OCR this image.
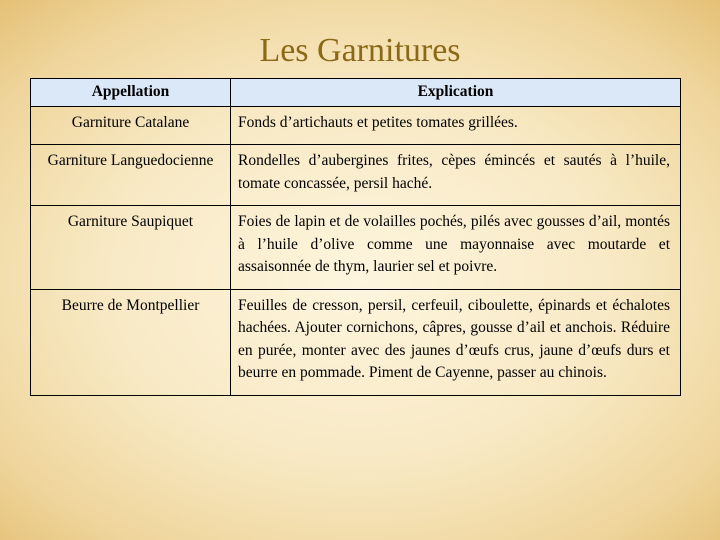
Les Garnitures
Appellation	Explication
Garniture Catalane	Fonds d’artichauts et petites tomates grillées.
Garniture Languedocienne	Rondelles d’aubergines frites, cèpes émincés et sautés à l’huile, tomate concassée, persil haché.
Garniture Saupiquet	Foies de lapin et de volailles pochés, pilés avec gousses d’ail, montés à l’huile d’olive comme une mayonnaise avec moutarde et assaisonnée de thym, laurier sel et poivre.
Beurre de Montpellier	Feuilles de cresson, persil, cerfeuil, ciboulette, épinards et échalotes hachées. Ajouter cornichons, câpres, gousse d’ail et anchois. Réduire en purée, monter avec des jaunes d’œufs crus, jaune d’œufs durs et beurre en pommade. Piment de Cayenne, passer au chinois.
